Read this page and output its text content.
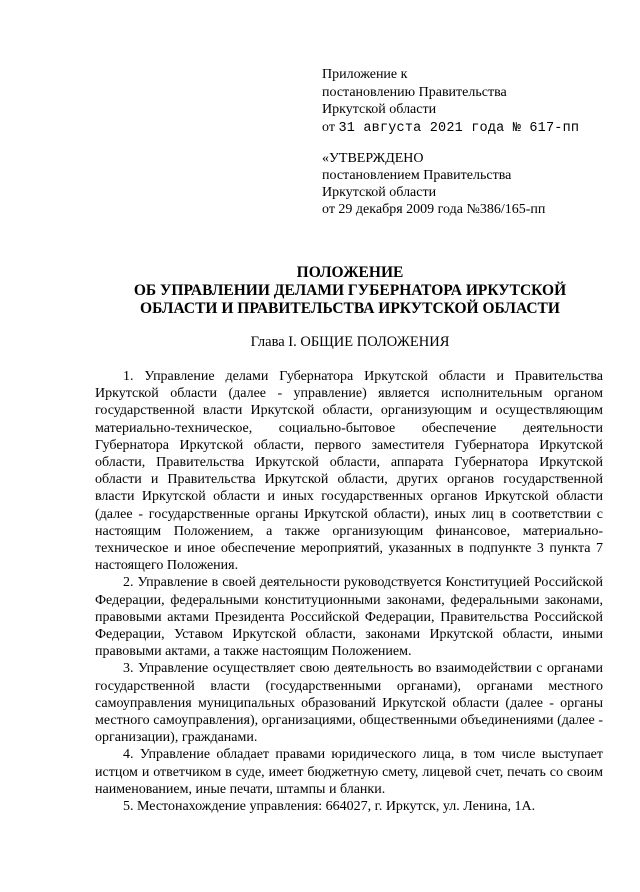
Приложение к
постановлению Правительства
Иркутской области
от 31 августа 2021 года № 617-пп
«УТВЕРЖДЕНО
постановлением Правительства
Иркутской области
от 29 декабря 2009 года №386/165-пп
ПОЛОЖЕНИЕ
ОБ УПРАВЛЕНИИ ДЕЛАМИ ГУБЕРНАТОРА ИРКУТСКОЙ
ОБЛАСТИ И ПРАВИТЕЛЬСТВА ИРКУТСКОЙ ОБЛАСТИ
Глава I. ОБЩИЕ ПОЛОЖЕНИЯ

1. Управление делами Губернатора Иркутской области и Правительства Иркутской области (далее - управление) является исполнительным органом государственной власти Иркутской области, организующим и осуществляющим материально-техническое, социально-бытовое обеспечение деятельности Губернатора Иркутской области, первого заместителя Губернатора Иркутской области, Правительства Иркутской области, аппарата Губернатора Иркутской области и Правительства Иркутской области, других органов государственной власти Иркутской области и иных государственных органов Иркутской области (далее - государственные органы Иркутской области), иных лиц в соответствии с настоящим Положением, а также организующим финансовое, материально-техническое и иное обеспечение мероприятий, указанных в подпункте 3 пункта 7 настоящего Положения.

2. Управление в своей деятельности руководствуется Конституцией Российской Федерации, федеральными конституционными законами, федеральными законами, правовыми актами Президента Российской Федерации, Правительства Российской Федерации, Уставом Иркутской области, законами Иркутской области, иными правовыми актами, а также настоящим Положением.

3. Управление осуществляет свою деятельность во взаимодействии с органами государственной власти (государственными органами), органами местного самоуправления муниципальных образований Иркутской области (далее - органы местного самоуправления), организациями, общественными объединениями (далее - организации), гражданами.

4. Управление обладает правами юридического лица, в том числе выступает истцом и ответчиком в суде, имеет бюджетную смету, лицевой счет, печать со своим наименованием, иные печати, штампы и бланки.

5. Местонахождение управления: 664027, г. Иркутск, ул. Ленина, 1А.
